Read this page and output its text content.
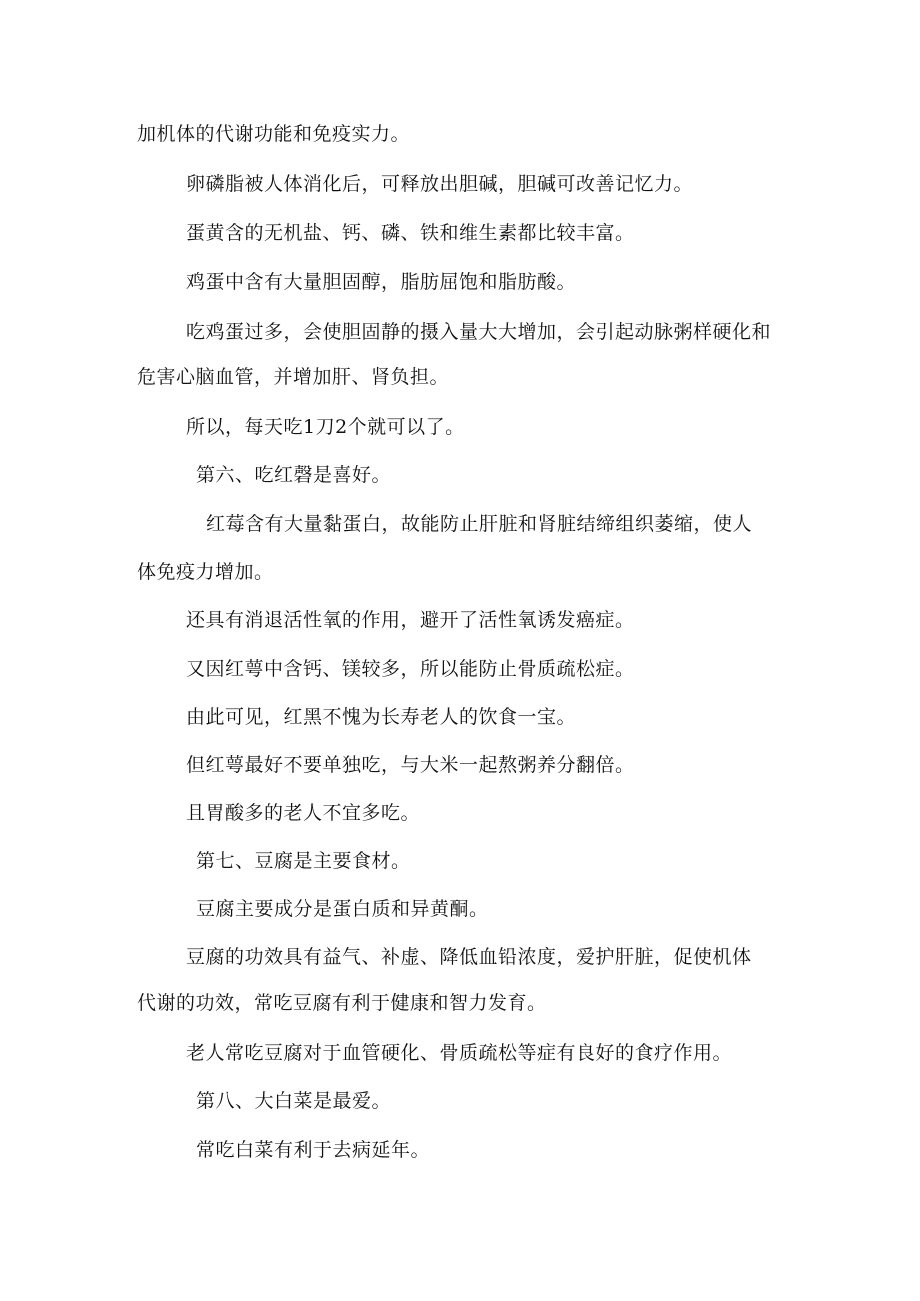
加机体的代谢功能和免疫实力。
卵磷脂被人体消化后，可释放出胆碱，胆碱可改善记忆力。
蛋黄含的无机盐、钙、磷、铁和维生素都比较丰富。
鸡蛋中含有大量胆固醇，脂肪屈饱和脂肪酸。
吃鸡蛋过多，会使胆固静的摄入量大大增加，会引起动脉粥样硬化和
危害心脑血管，并增加肝、肾负担。
所以，每天吃1刀2个就可以了。
第六、吃红磬是喜好。
红莓含有大量黏蛋白，故能防止肝脏和肾脏结缔组织萎缩，使人
体免疫力增加。
还具有消退活性氧的作用，避开了活性氧诱发癌症。
又因红萼中含钙、镁较多，所以能防止骨质疏松症。
由此可见，红黑不愧为长寿老人的饮食一宝。
但红萼最好不要单独吃，与大米一起熬粥养分翻倍。
且胃酸多的老人不宜多吃。
第七、豆腐是主要食材。
豆腐主要成分是蛋白质和异黄酮。
豆腐的功效具有益气、补虚、降低血铅浓度，爱护肝脏，促使机体
代谢的功效，常吃豆腐有利于健康和智力发育。
老人常吃豆腐对于血管硬化、骨质疏松等症有良好的食疗作用。
第八、大白菜是最爱。
常吃白菜有利于去病延年。
